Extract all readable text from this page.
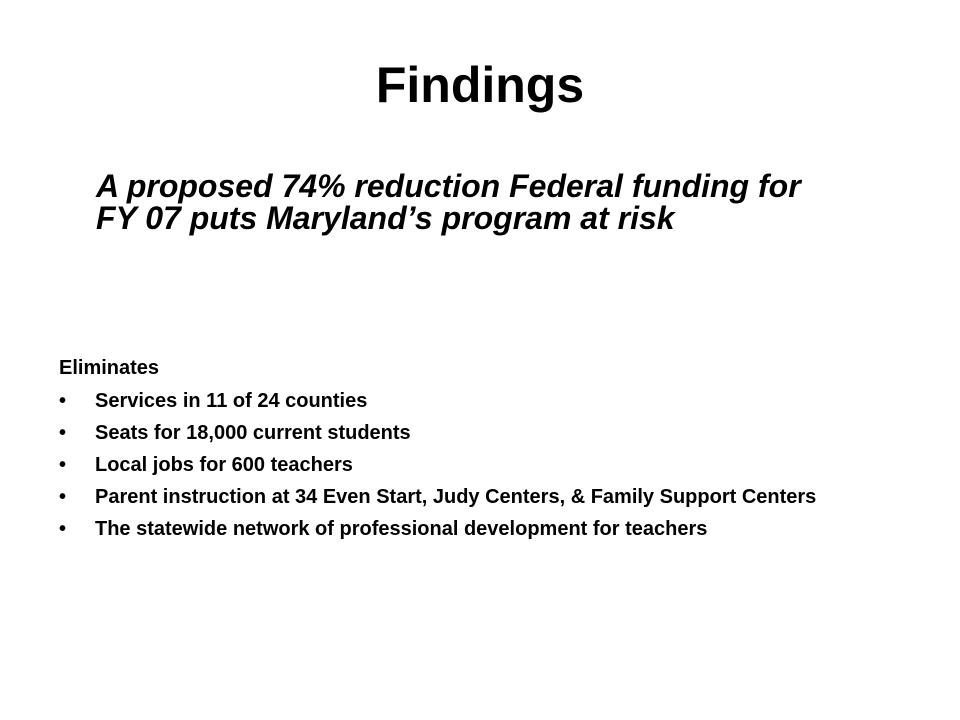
Findings

A proposed 74% reduction Federal funding for FY 07 puts Maryland’s program at risk

Eliminates

• Services in 11 of 24 counties
• Seats for 18,000 current students
• Local jobs for 600 teachers
• Parent instruction at 34 Even Start, Judy Centers, & Family Support Centers
• The statewide network of professional development for teachers
